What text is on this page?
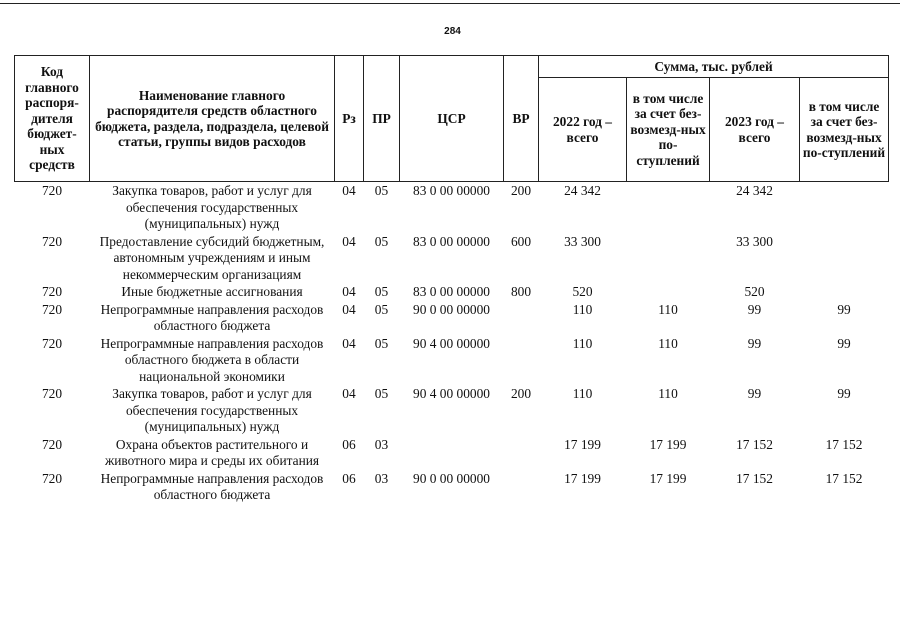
284
Код главного распоря-дителя бюджет-ных средств	Наименование главного распорядителя средств областного бюджета, раздела, подраздела, целевой статьи, группы видов расходов	Рз	ПР	ЦСР	ВР	Сумма, тыс. рублей			
						2022 год – всего	в том числе за счет без-возмезд-ных по-ступлений	2023 год – всего	в том числе за счет без-возмезд-ных по-ступлений
720	Закупка товаров, работ и услуг для обеспечения государственных (муниципальных) нужд	04	05	83 0 00 00000	200	24 342		24 342	
720	Предоставление субсидий бюджетным, автономным учреждениям и иным некоммерческим организациям	04	05	83 0 00 00000	600	33 300		33 300	
720	Иные бюджетные ассигнования	04	05	83 0 00 00000	800	520		520	
720	Непрограммные направления расходов областного бюджета	04	05	90 0 00 00000		110	110	99	99
720	Непрограммные направления расходов областного бюджета в области национальной экономики	04	05	90 4 00 00000		110	110	99	99
720	Закупка товаров, работ и услуг для обеспечения государственных (муниципальных) нужд	04	05	90 4 00 00000	200	110	110	99	99
720	Охрана объектов растительного и животного мира и среды их обитания	06	03			17 199	17 199	17 152	17 152
720	Непрограммные направления расходов областного бюджета	06	03	90 0 00 00000		17 199	17 199	17 152	17 152
